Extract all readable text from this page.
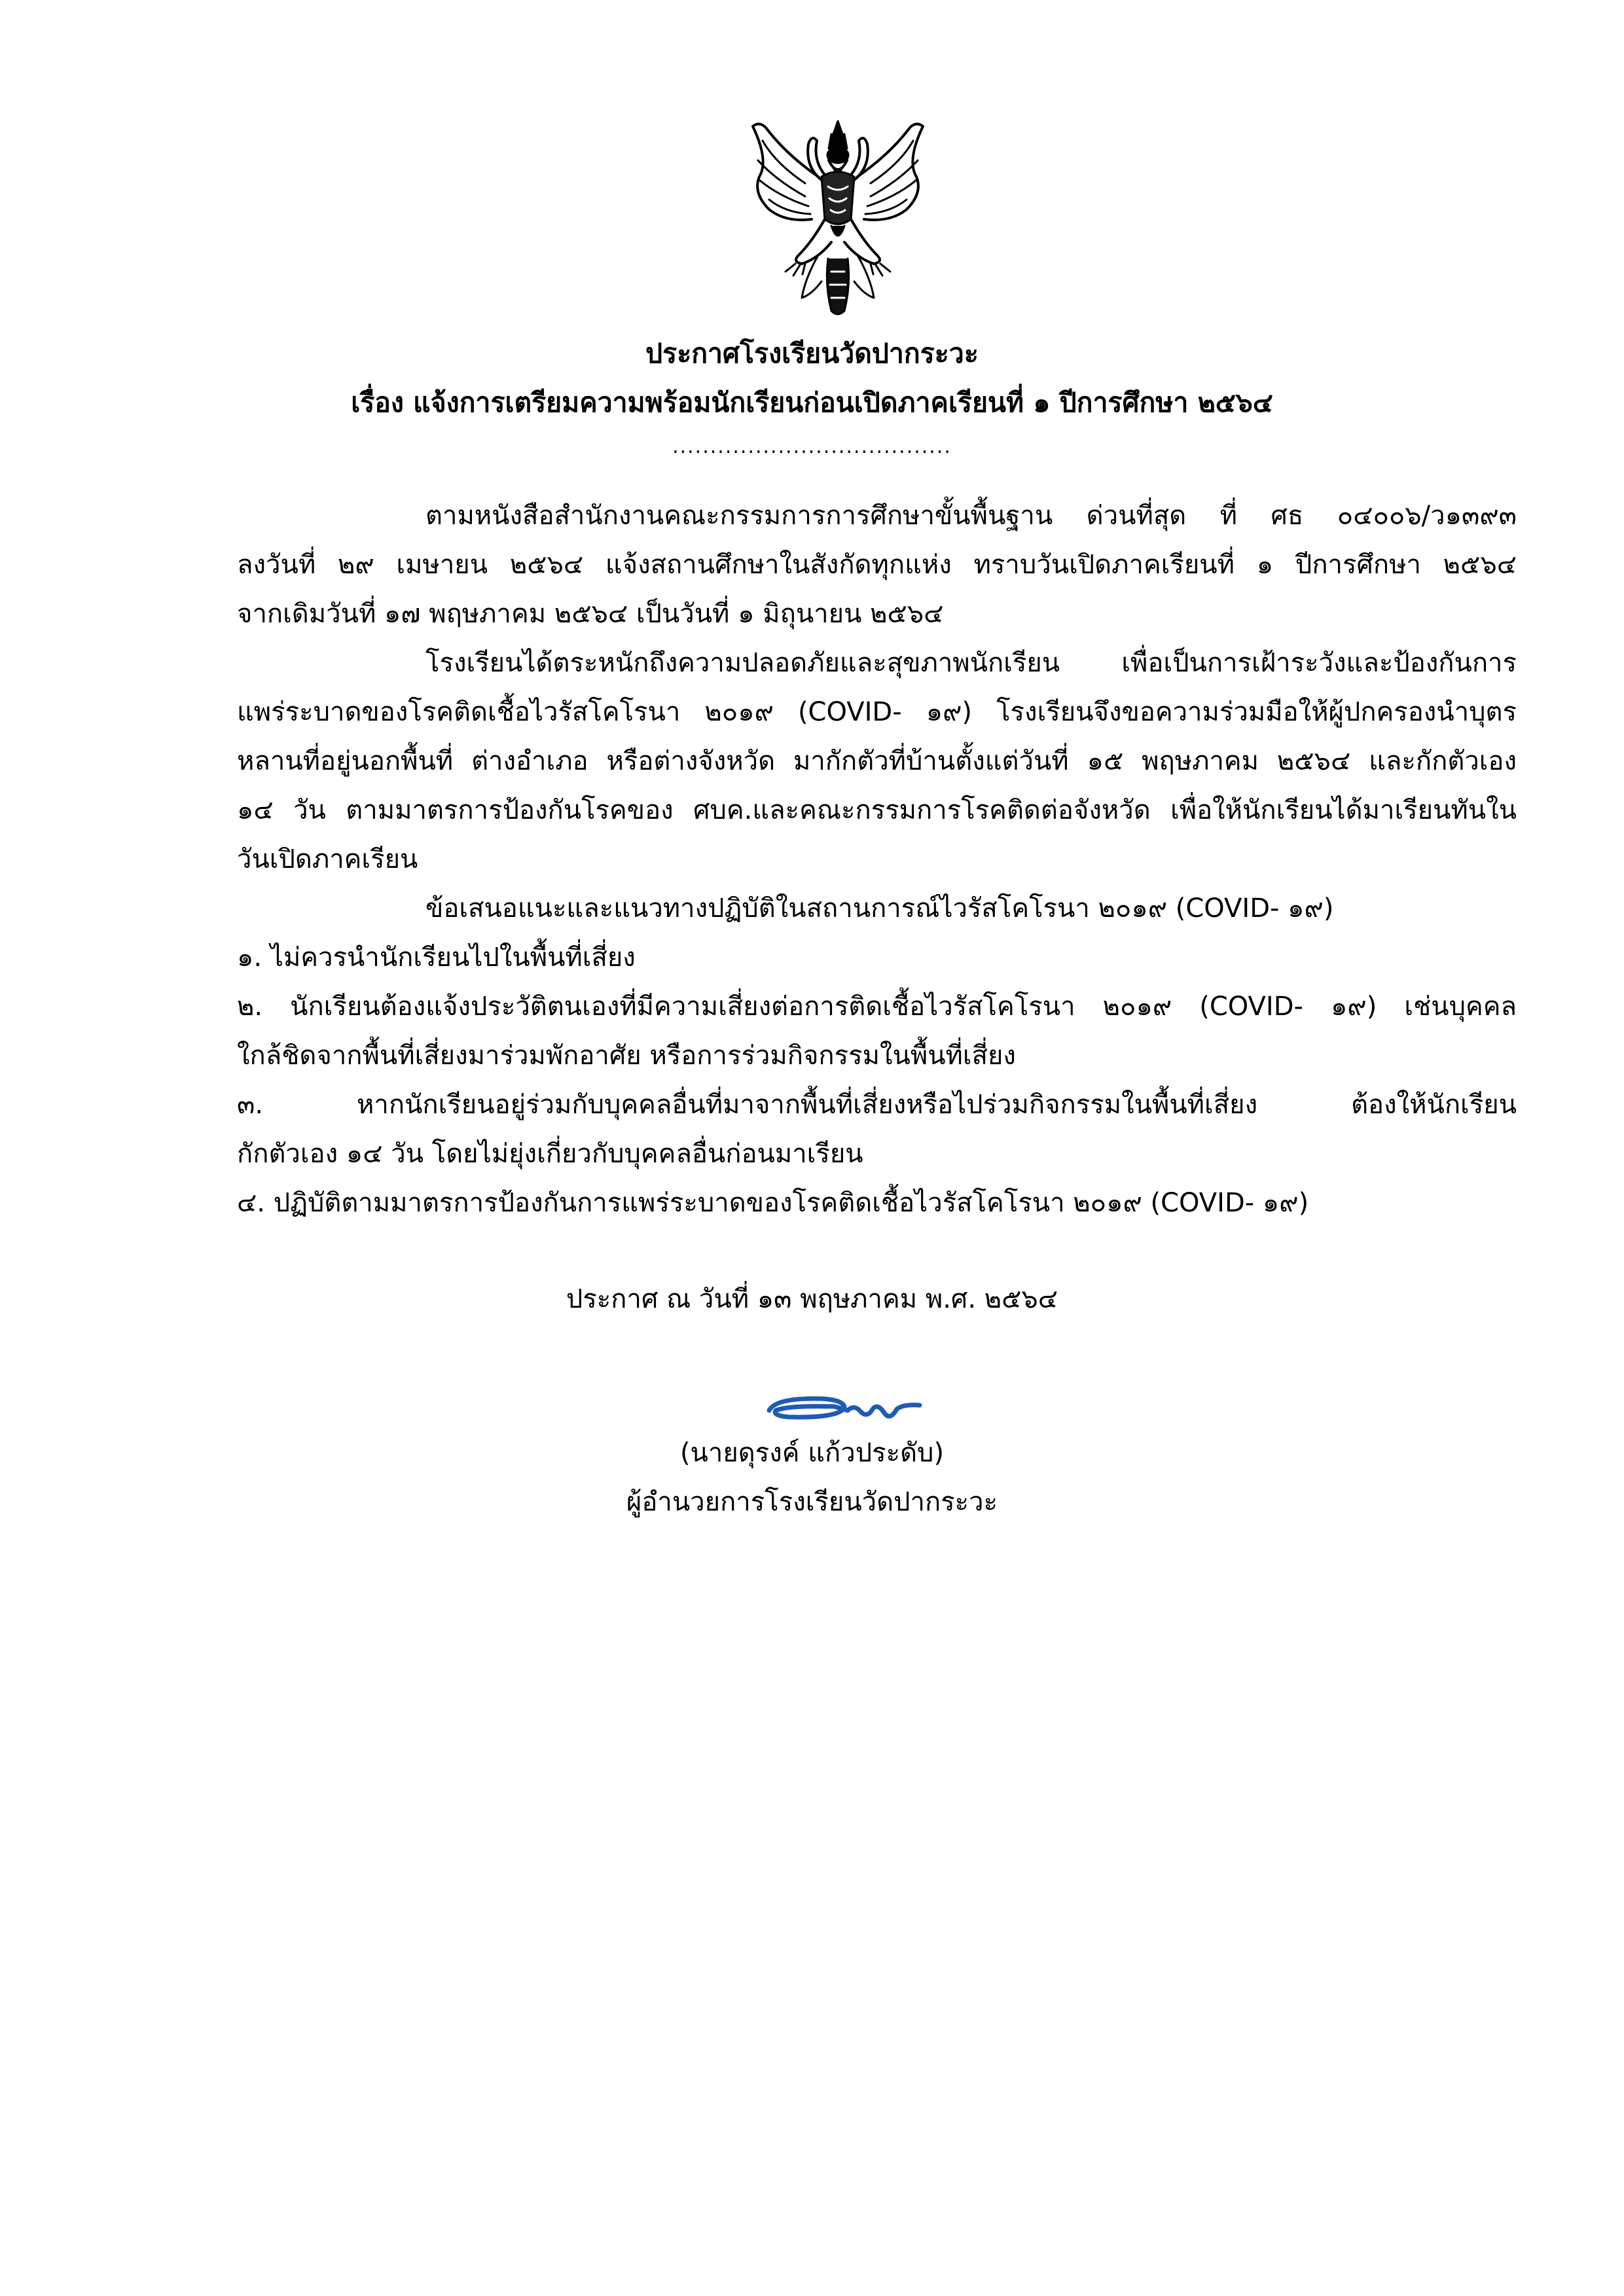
ประกาศโรงเรียนวัดปากระวะ
เรื่อง แจ้งการเตรียมความพร้อมนักเรียนก่อนเปิดภาคเรียนที่ ๑ ปีการศึกษา ๒๕๖๔
.....................................
ตามหนังสือสำนักงานคณะกรรมการการศึกษาขั้นพื้นฐาน ด่วนที่สุด ที่ ศธ ๐๔๐๐๖/ว๑๓๙๓
ลงวันที่ ๒๙ เมษายน ๒๕๖๔ แจ้งสถานศึกษาในสังกัดทุกแห่ง ทราบวันเปิดภาคเรียนที่ ๑ ปีการศึกษา ๒๕๖๔
จากเดิมวันที่ ๑๗ พฤษภาคม ๒๕๖๔ เป็นวันที่ ๑ มิถุนายน ๒๕๖๔
โรงเรียนได้ตระหนักถึงความปลอดภัยและสุขภาพนักเรียน เพื่อเป็นการเฝ้าระวังและป้องกันการ
แพร่ระบาดของโรคติดเชื้อไวรัสโคโรนา ๒๐๑๙ (COVID- ๑๙) โรงเรียนจึงขอความร่วมมือให้ผู้ปกครองนำบุตร
หลานที่อยู่นอกพื้นที่ ต่างอำเภอ หรือต่างจังหวัด มากักตัวที่บ้านตั้งแต่วันที่ ๑๕ พฤษภาคม ๒๕๖๔ และกักตัวเอง
๑๔ วัน ตามมาตรการป้องกันโรคของ ศบค.และคณะกรรมการโรคติดต่อจังหวัด เพื่อให้นักเรียนได้มาเรียนทันใน
วันเปิดภาคเรียน
ข้อเสนอแนะและแนวทางปฏิบัติในสถานการณ์ไวรัสโคโรนา ๒๐๑๙ (COVID- ๑๙)
๑. ไม่ควรนำนักเรียนไปในพื้นที่เสี่ยง
๒. นักเรียนต้องแจ้งประวัติตนเองที่มีความเสี่ยงต่อการติดเชื้อไวรัสโคโรนา ๒๐๑๙ (COVID- ๑๙) เช่นบุคคล
ใกล้ชิดจากพื้นที่เสี่ยงมาร่วมพักอาศัย หรือการร่วมกิจกรรมในพื้นที่เสี่ยง
๓. หากนักเรียนอยู่ร่วมกับบุคคลอื่นที่มาจากพื้นที่เสี่ยงหรือไปร่วมกิจกรรมในพื้นที่เสี่ยง ต้องให้นักเรียน
กักตัวเอง ๑๔ วัน โดยไม่ยุ่งเกี่ยวกับบุคคลอื่นก่อนมาเรียน
๔. ปฏิบัติตามมาตรการป้องกันการแพร่ระบาดของโรคติดเชื้อไวรัสโคโรนา ๒๐๑๙ (COVID- ๑๙)
ประกาศ ณ วันที่ ๑๓ พฤษภาคม พ.ศ. ๒๕๖๔
(นายดุรงค์ แก้วประดับ)
ผู้อำนวยการโรงเรียนวัดปากระวะ
